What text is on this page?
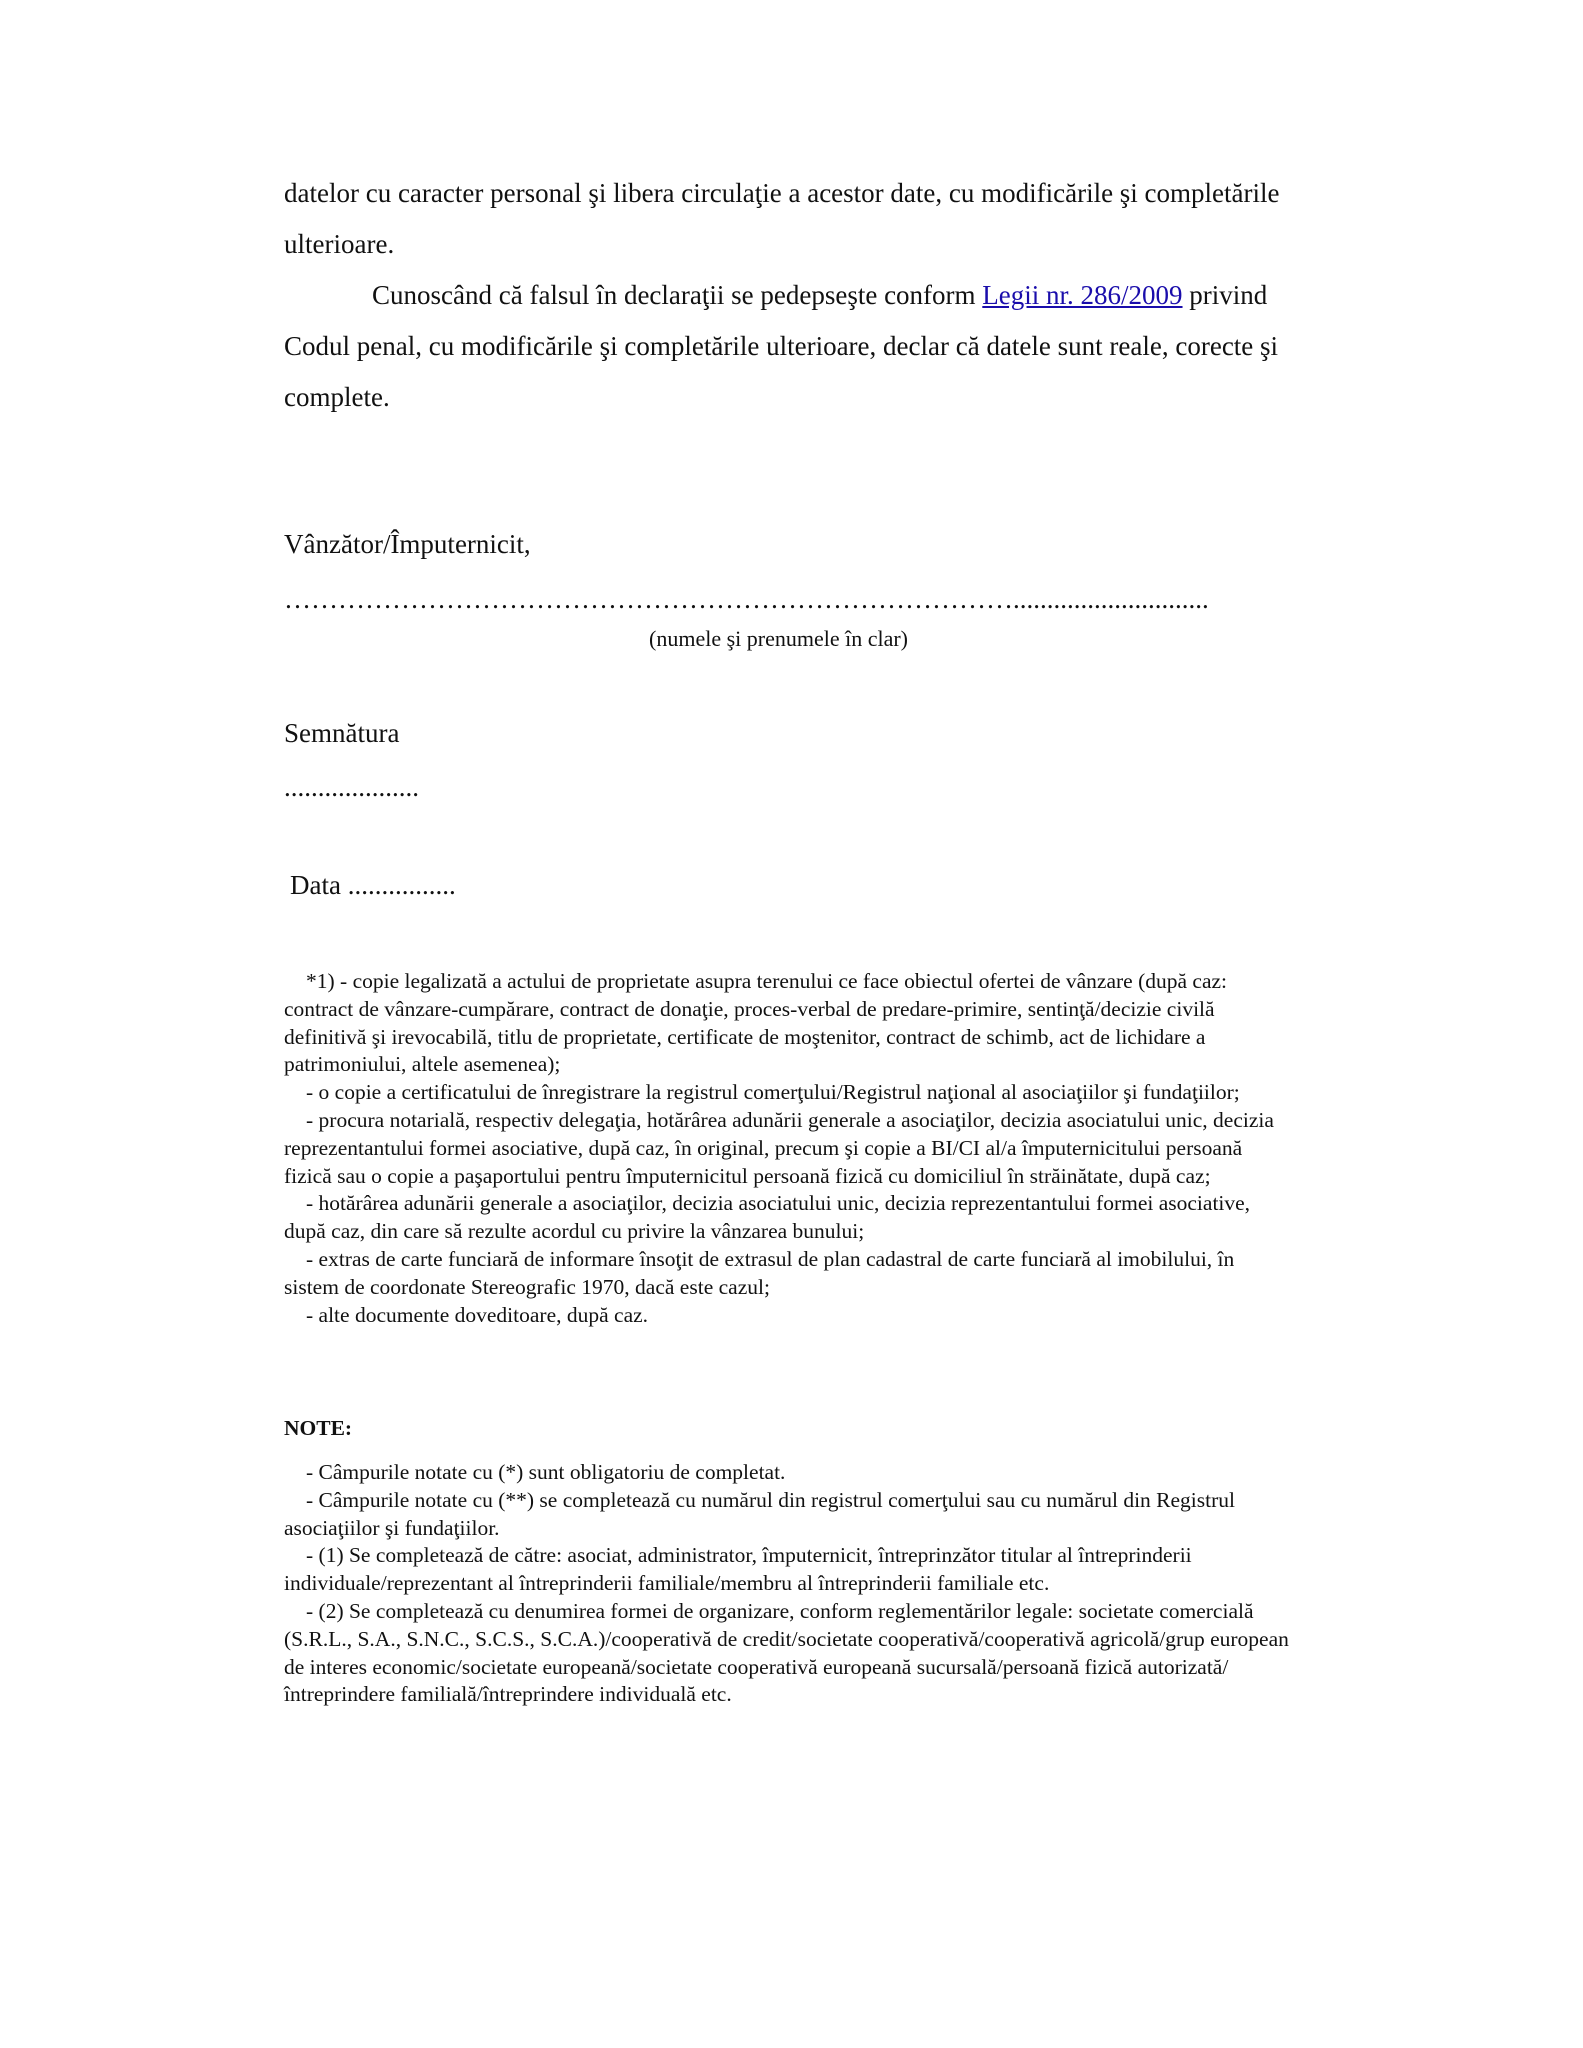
datelor cu caracter personal şi libera circulaţie a acestor date, cu modificările şi completările ulterioare.

Cunoscând că falsul în declaraţii se pedepseşte conform Legii nr. 286/2009 privind Codul penal, cu modificările şi completările ulterioare, declar că datele sunt reale, corecte şi complete.

Vânzător/Împuternicit,

……………………………………………………………………….............................

(numele şi prenumele în clar)

Semnătura

....................

Data ................

*1) - copie legalizată a actului de proprietate asupra terenului ce face obiectul ofertei de vânzare (după caz: contract de vânzare-cumpărare, contract de donaţie, proces-verbal de predare-primire, sentinţă/decizie civilă definitivă şi irevocabilă, titlu de proprietate, certificate de moştenitor, contract de schimb, act de lichidare a patrimoniului, altele asemenea);

- o copie a certificatului de înregistrare la registrul comerţului/Registrul naţional al asociaţiilor şi fundaţiilor;

- procura notarială, respectiv delegaţia, hotărârea adunării generale a asociaţilor, decizia asociatului unic, decizia reprezentantului formei asociative, după caz, în original, precum şi copie a BI/CI al/a împuternicitului persoană fizică sau o copie a paşaportului pentru împuternicitul persoană fizică cu domiciliul în străinătate, după caz;

- hotărârea adunării generale a asociaţilor, decizia asociatului unic, decizia reprezentantului formei asociative, după caz, din care să rezulte acordul cu privire la vânzarea bunului;

- extras de carte funciară de informare însoţit de extrasul de plan cadastral de carte funciară al imobilului, în sistem de coordonate Stereografic 1970, dacă este cazul;

- alte documente doveditoare, după caz.

NOTE:

- Câmpurile notate cu (*) sunt obligatoriu de completat.

- Câmpurile notate cu (**) se completează cu numărul din registrul comerţului sau cu numărul din Registrul asociaţiilor şi fundaţiilor.

- (1) Se completează de către: asociat, administrator, împuternicit, întreprinzător titular al întreprinderii individuale/reprezentant al întreprinderii familiale/membru al întreprinderii familiale etc.

- (2) Se completează cu denumirea formei de organizare, conform reglementărilor legale: societate comercială (S.R.L., S.A., S.N.C., S.C.S., S.C.A.)/cooperativă de credit/societate cooperativă/cooperativă agricolă/grup european de interes economic/societate europeană/societate cooperativă europeană sucursală/persoană fizică autorizată/întreprindere familială/întreprindere individuală etc.
